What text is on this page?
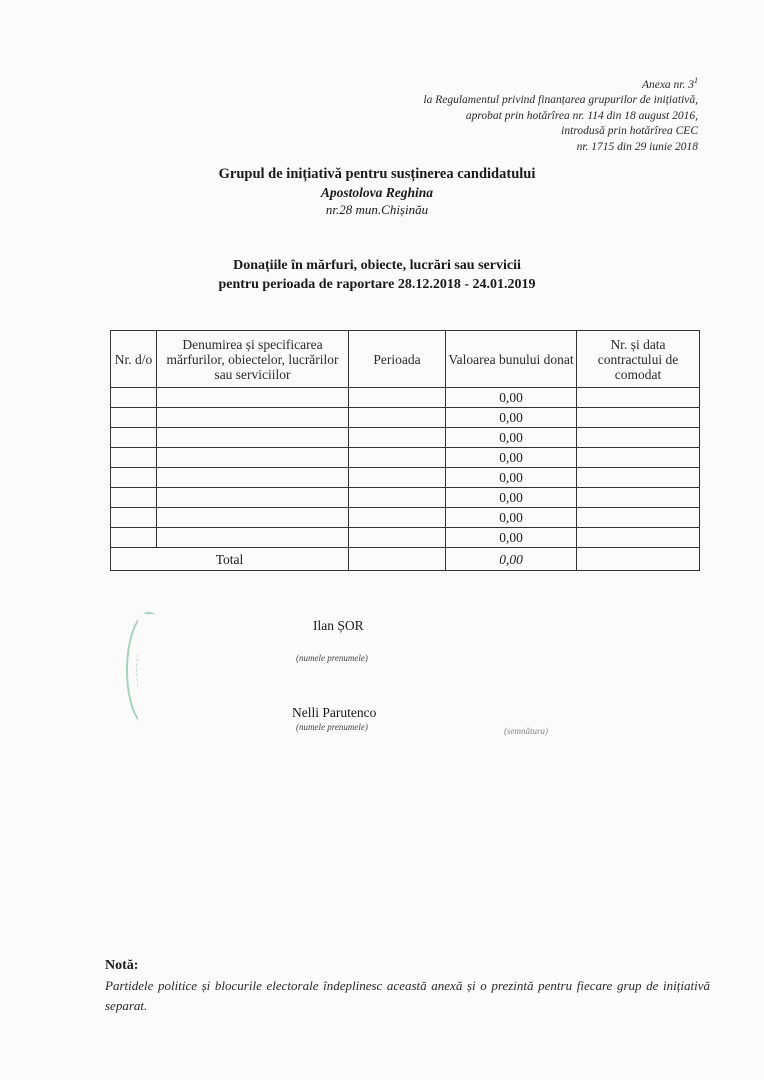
Anexa nr. $3^1$
la Regulamentul privind finanțarea grupurilor de inițiativă,
aprobat prin hotărîrea nr. 114 din 18 august 2016,
introdusă prin hotărîrea CEC
nr. 1715 din 29 iunie 2018
Grupul de inițiativă pentru susținerea candidatului
Apostolova Reghina
nr.28 mun.Chișinău
Donațiile în mărfuri, obiecte, lucrări sau servicii
pentru perioada de raportare 28.12.2018 - 24.01.2019
Nr. d/o	Denumirea și specificarea mărfurilor, obiectelor, lucrărilor sau serviciilor	Perioada	Valoarea bunului donat	Nr. și data contractului de comodat
			0,00	
			0,00	
			0,00	
			0,00	
			0,00	
			0,00	
			0,00	
			0,00	
Total			0,00	
Ilan ȘOR
(numele prenumele)
Nelli Parutenco
(numele prenumele)	(semnătura)
Notă:
Partidele politice și blocurile electorale îndeplinesc această anexă și o prezintă pentru fiecare grup de inițiativă separat.
